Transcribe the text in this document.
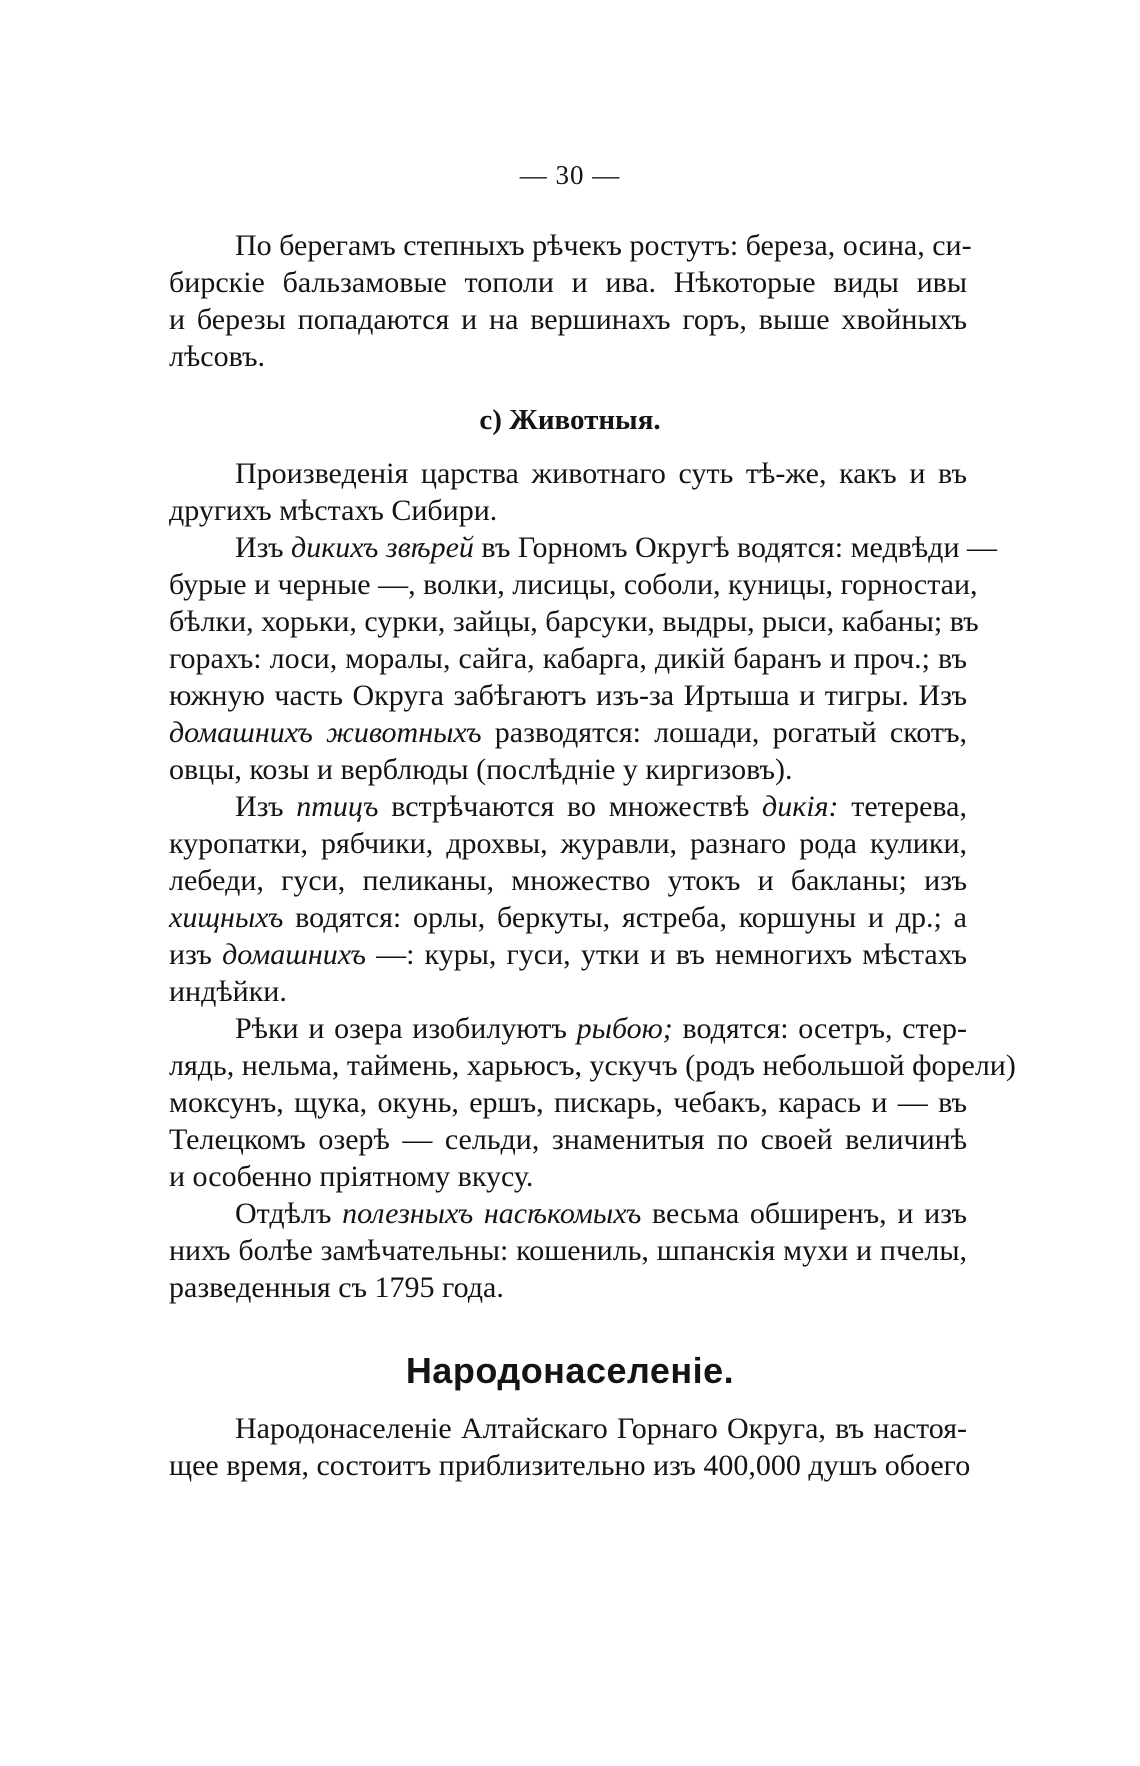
— 30 —
По берегамъ степныхъ рѣчекъ ростутъ: береза, осина, си-
бирскіе бальзамовые тополи и ива. Нѣкоторые виды ивы
и березы попадаются и на вершинахъ горъ, выше хвойныхъ
лѣсовъ.
с) Животныя.
Произведенія царства животнаго суть тѣ-же, какъ и въ
другихъ мѣстахъ Сибири.
Изъ дикихъ звѣрей въ Горномъ Округѣ водятся: медвѣди —
бурые и черные —, волки, лисицы, соболи, куницы, горностаи,
бѣлки, хорьки, сурки, зайцы, барсуки, выдры, рыси, кабаны; въ
горахъ: лоси, моралы, сайга, кабарга, дикій баранъ и проч.; въ
южную часть Округа забѣгаютъ изъ-за Иртыша и тигры. Изъ
домашнихъ животныхъ разводятся: лошади, рогатый скотъ,
овцы, козы и верблюды (послѣдніе у киргизовъ).
Изъ птицъ встрѣчаются во множествѣ дикія: тетерева,
куропатки, рябчики, дрохвы, журавли, разнаго рода кулики,
лебеди, гуси, пеликаны, множество утокъ и бакланы; изъ
хищныхъ водятся: орлы, беркуты, ястреба, коршуны и др.; а
изъ домашнихъ —: куры, гуси, утки и въ немногихъ мѣстахъ
индѣйки.
Рѣки и озера изобилуютъ рыбою; водятся: осетръ, стер-
лядь, нельма, таймень, харьюсъ, ускучъ (родъ небольшой форели)
моксунъ, щука, окунь, ершъ, пискарь, чебакъ, карась и — въ
Телецкомъ озерѣ — сельди, знаменитыя по своей величинѣ
и особенно пріятному вкусу.
Отдѣлъ полезныхъ насѣкомыхъ весьма обширенъ, и изъ
нихъ болѣе замѣчательны: кошениль, шпанскія мухи и пчелы,
разведенныя съ 1795 года.
Народонаселеніе.
Народонаселеніе Алтайскаго Горнаго Округа, въ настоя-
щее время, состоитъ приблизительно изъ 400,000 душъ обоего
